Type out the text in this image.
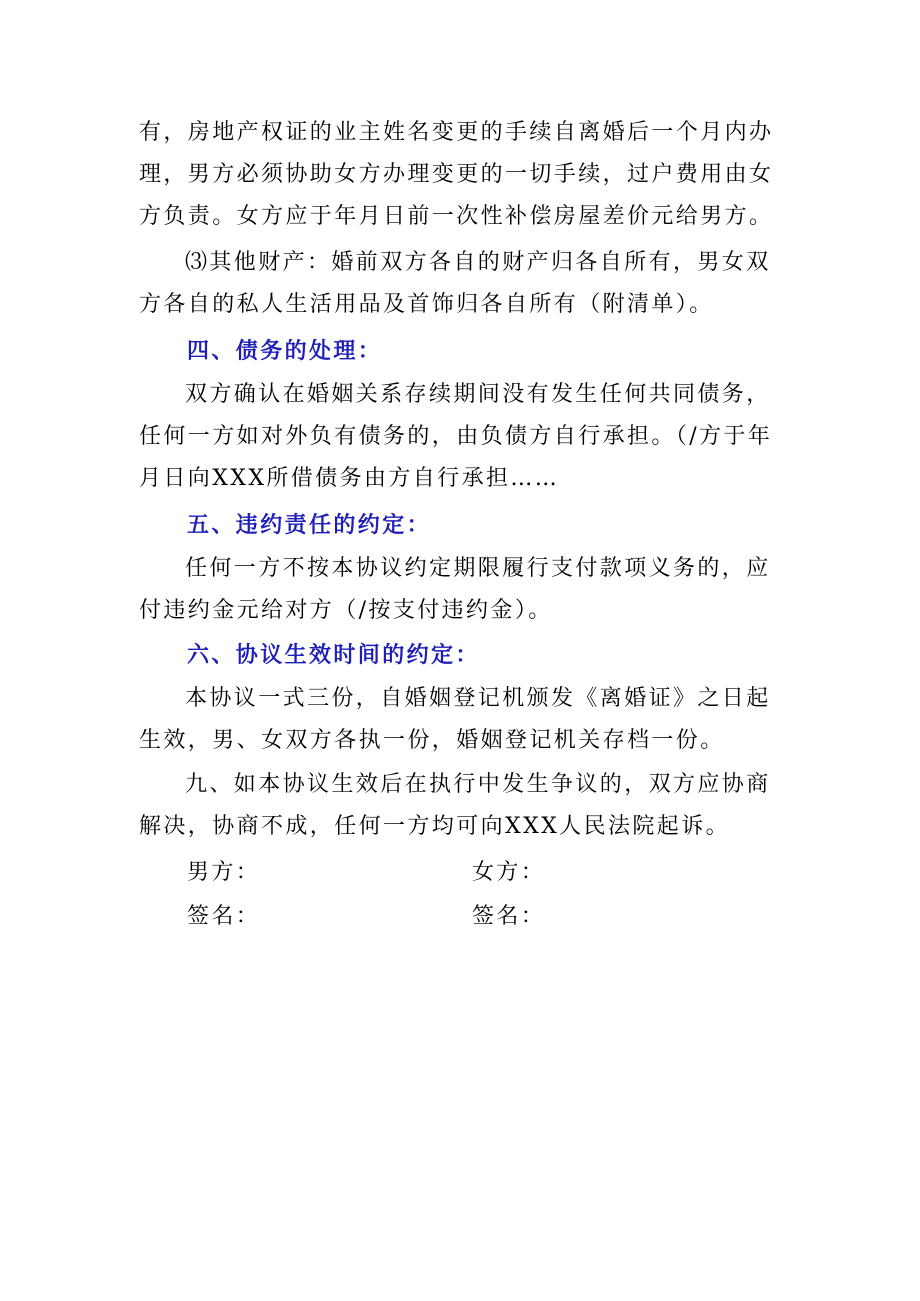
有，房地产权证的业主姓名变更的手续自离婚后一个月内办理，男方必须协助女方办理变更的一切手续，过户费用由女方负责。女方应于年月日前一次性补偿房屋差价元给男方。

⑶其他财产：婚前双方各自的财产归各自所有，男女双方各自的私人生活用品及首饰归各自所有（附清单）。

四、债务的处理：

双方确认在婚姻关系存续期间没有发生任何共同债务，任何一方如对外负有债务的，由负债方自行承担。（/方于年月日向XXX所借债务由方自行承担……

五、违约责任的约定：

任何一方不按本协议约定期限履行支付款项义务的，应付违约金元给对方（/按支付违约金）。

六、协议生效时间的约定：

本协议一式三份，自婚姻登记机颁发《离婚证》之日起生效，男、女双方各执一份，婚姻登记机关存档一份。

九、如本协议生效后在执行中发生争议的，双方应协商解决，协商不成，任何一方均可向XXX人民法院起诉。

男方：	女方：

签名：	签名：
